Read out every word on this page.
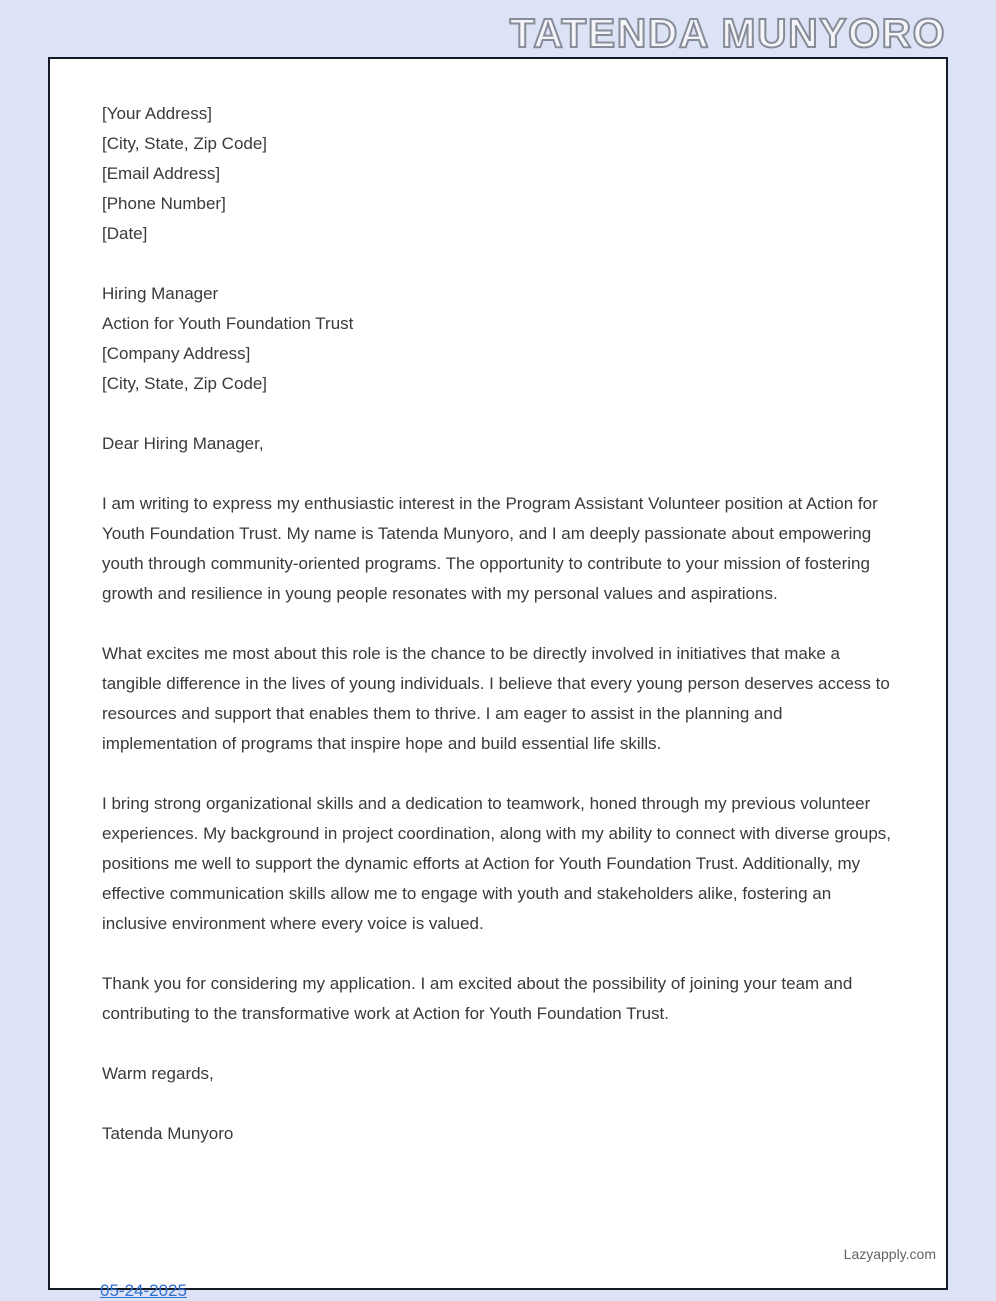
TATENDA MUNYORO

[Your Address]

[City, State, Zip Code]

[Email Address]

[Phone Number]

[Date]

Hiring Manager

Action for Youth Foundation Trust

[Company Address]

[City, State, Zip Code]

Dear Hiring Manager,

I am writing to express my enthusiastic interest in the Program Assistant Volunteer position at Action for Youth Foundation Trust. My name is Tatenda Munyoro, and I am deeply passionate about empowering youth through community-oriented programs. The opportunity to contribute to your mission of fostering growth and resilience in young people resonates with my personal values and aspirations.

What excites me most about this role is the chance to be directly involved in initiatives that make a tangible difference in the lives of young individuals. I believe that every young person deserves access to resources and support that enables them to thrive. I am eager to assist in the planning and implementation of programs that inspire hope and build essential life skills.

I bring strong organizational skills and a dedication to teamwork, honed through my previous volunteer experiences. My background in project coordination, along with my ability to connect with diverse groups, positions me well to support the dynamic efforts at Action for Youth Foundation Trust. Additionally, my effective communication skills allow me to engage with youth and stakeholders alike, fostering an inclusive environment where every voice is valued.

Thank you for considering my application. I am excited about the possibility of joining your team and contributing to the transformative work at Action for Youth Foundation Trust.

Warm regards,

Tatenda Munyoro

Lazyapply.com
05-24-2025
